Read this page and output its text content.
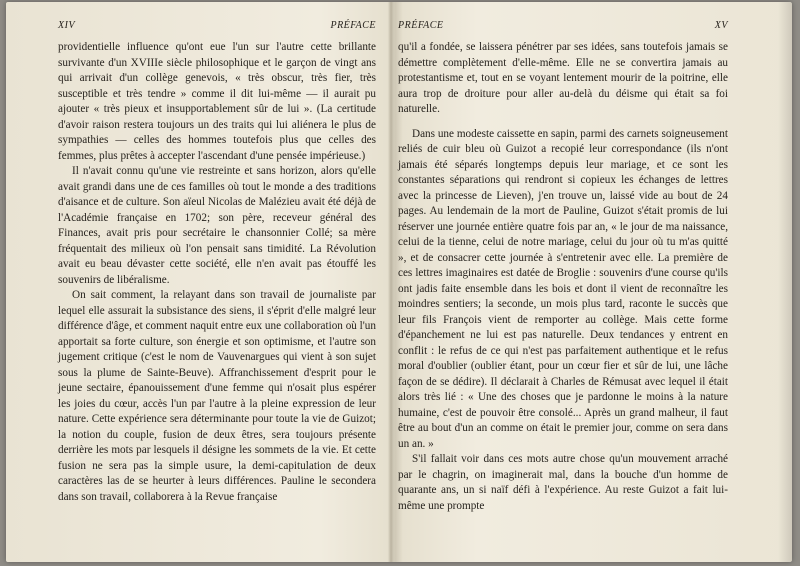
XIV	PRÉFACE

providentielle influence qu'ont eue l'un sur l'autre cette brillante survivante d'un XVIIIe siècle philosophique et le garçon de vingt ans qui arrivait d'un collège genevois, « très obscur, très fier, très susceptible et très tendre » comme il dit lui-même — il aurait pu ajouter « très pieux et insupportablement sûr de lui ». (La certitude d'avoir raison restera toujours un des traits qui lui aliénera le plus de sympathies — celles des hommes toutefois plus que celles des femmes, plus prêtes à accepter l'ascendant d'une pensée impérieuse.)

Il n'avait connu qu'une vie restreinte et sans horizon, alors qu'elle avait grandi dans une de ces familles où tout le monde a des traditions d'aisance et de culture. Son aïeul Nicolas de Malézieu avait été déjà de l'Académie française en 1702; son père, receveur général des Finances, avait pris pour secrétaire le chansonnier Collé; sa mère fréquentait des milieux où l'on pensait sans timidité. La Révolution avait eu beau dévaster cette société, elle n'en avait pas étouffé les souvenirs de libéralisme.

On sait comment, la relayant dans son travail de journaliste par lequel elle assurait la subsistance des siens, il s'éprit d'elle malgré leur différence d'âge, et comment naquit entre eux une collaboration où l'un apportait sa forte culture, son énergie et son optimisme, et l'autre son jugement critique (c'est le nom de Vauvenargues qui vient à son sujet sous la plume de Sainte-Beuve). Affranchissement d'esprit pour le jeune sectaire, épanouissement d'une femme qui n'osait plus espérer les joies du cœur, accès l'un par l'autre à la pleine expression de leur nature. Cette expérience sera déterminante pour toute la vie de Guizot; la notion du couple, fusion de deux êtres, sera toujours présente derrière les mots par lesquels il désigne les sommets de la vie. Et cette fusion ne sera pas la simple usure, la demi-capitulation de deux caractères las de se heurter à leurs différences. Pauline le secondera dans son travail, collaborera à la Revue française

PRÉFACE	XV

qu'il a fondée, se laissera pénétrer par ses idées, sans toutefois jamais se démettre complètement d'elle-même. Elle ne se convertira jamais au protestantisme et, tout en se voyant lentement mourir de la poitrine, elle aura trop de droiture pour aller au-delà du déisme qui était sa foi naturelle.

Dans une modeste caissette en sapin, parmi des carnets soigneusement reliés de cuir bleu où Guizot a recopié leur correspondance (ils n'ont jamais été séparés longtemps depuis leur mariage, et ce sont les constantes séparations qui rendront si copieux les échanges de lettres avec la princesse de Lieven), j'en trouve un, laissé vide au bout de 24 pages. Au lendemain de la mort de Pauline, Guizot s'était promis de lui réserver une journée entière quatre fois par an, « le jour de ma naissance, celui de la tienne, celui de notre mariage, celui du jour où tu m'as quitté », et de consacrer cette journée à s'entretenir avec elle. La première de ces lettres imaginaires est datée de Broglie : souvenirs d'une course qu'ils ont jadis faite ensemble dans les bois et dont il vient de reconnaître les moindres sentiers; la seconde, un mois plus tard, raconte le succès que leur fils François vient de remporter au collège. Mais cette forme d'épanchement ne lui est pas naturelle. Deux tendances y entrent en conflit : le refus de ce qui n'est pas parfaitement authentique et le refus moral d'oublier (oublier étant, pour un cœur fier et sûr de lui, une lâche façon de se dédire). Il déclarait à Charles de Rémusat avec lequel il était alors très lié : « Une des choses que je pardonne le moins à la nature humaine, c'est de pouvoir être consolé... Après un grand malheur, il faut être au bout d'un an comme on était le premier jour, comme on sera dans un an. »

S'il fallait voir dans ces mots autre chose qu'un mouvement arraché par le chagrin, on imaginerait mal, dans la bouche d'un homme de quarante ans, un si naïf défi à l'expérience. Au reste Guizot a fait lui-même une prompte
